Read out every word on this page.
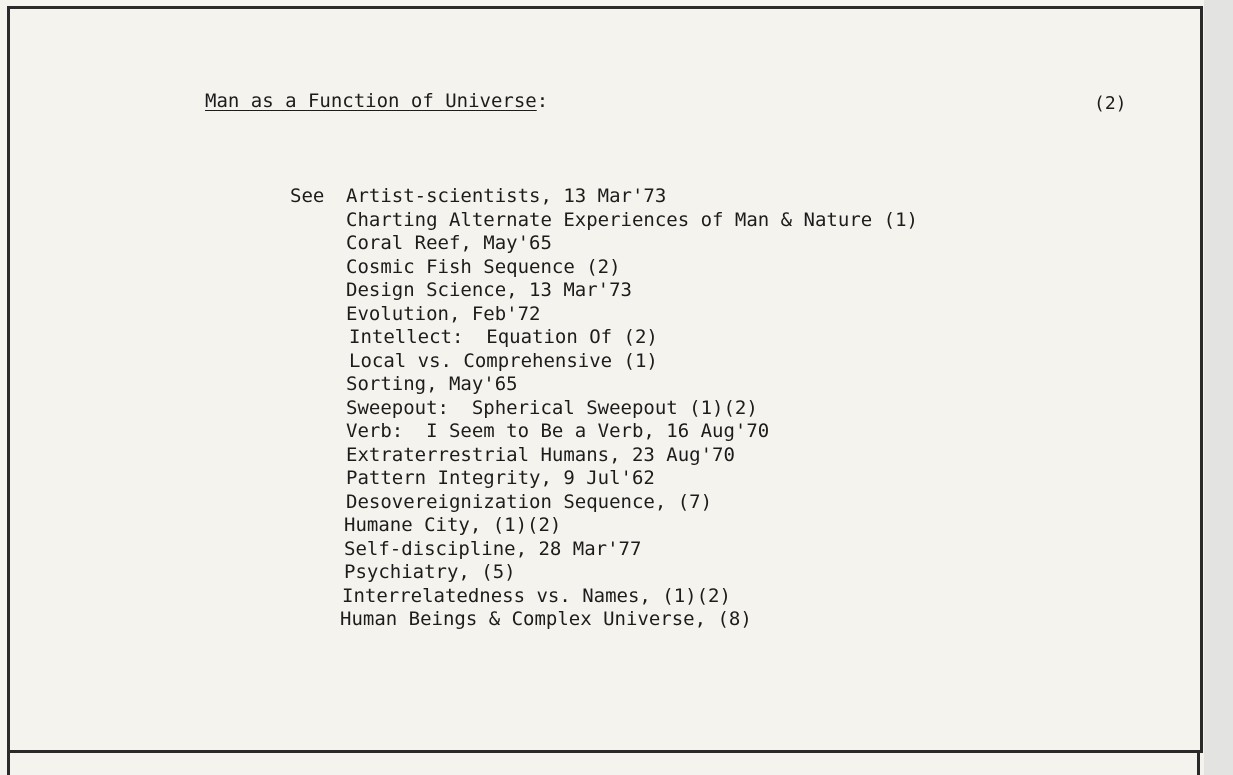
Man as a Function of Universe:	(2)
See Artist-scientists, 13 Mar'73
Charting Alternate Experiences of Man & Nature (1)
Coral Reef, May'65
Cosmic Fish Sequence (2)
Design Science, 13 Mar'73
Evolution, Feb'72
Intellect:  Equation Of (2)
Local vs. Comprehensive (1)
Sorting, May'65
Sweepout:  Spherical Sweepout (1)(2)
Verb:  I Seem to Be a Verb, 16 Aug'70
Extraterrestrial Humans, 23 Aug'70
Pattern Integrity, 9 Jul'62
Desovereignization Sequence, (7)
Humane City, (1)(2)
Self-discipline, 28 Mar'77
Psychiatry, (5)
Interrelatedness vs. Names, (1)(2)
Human Beings & Complex Universe, (8)
